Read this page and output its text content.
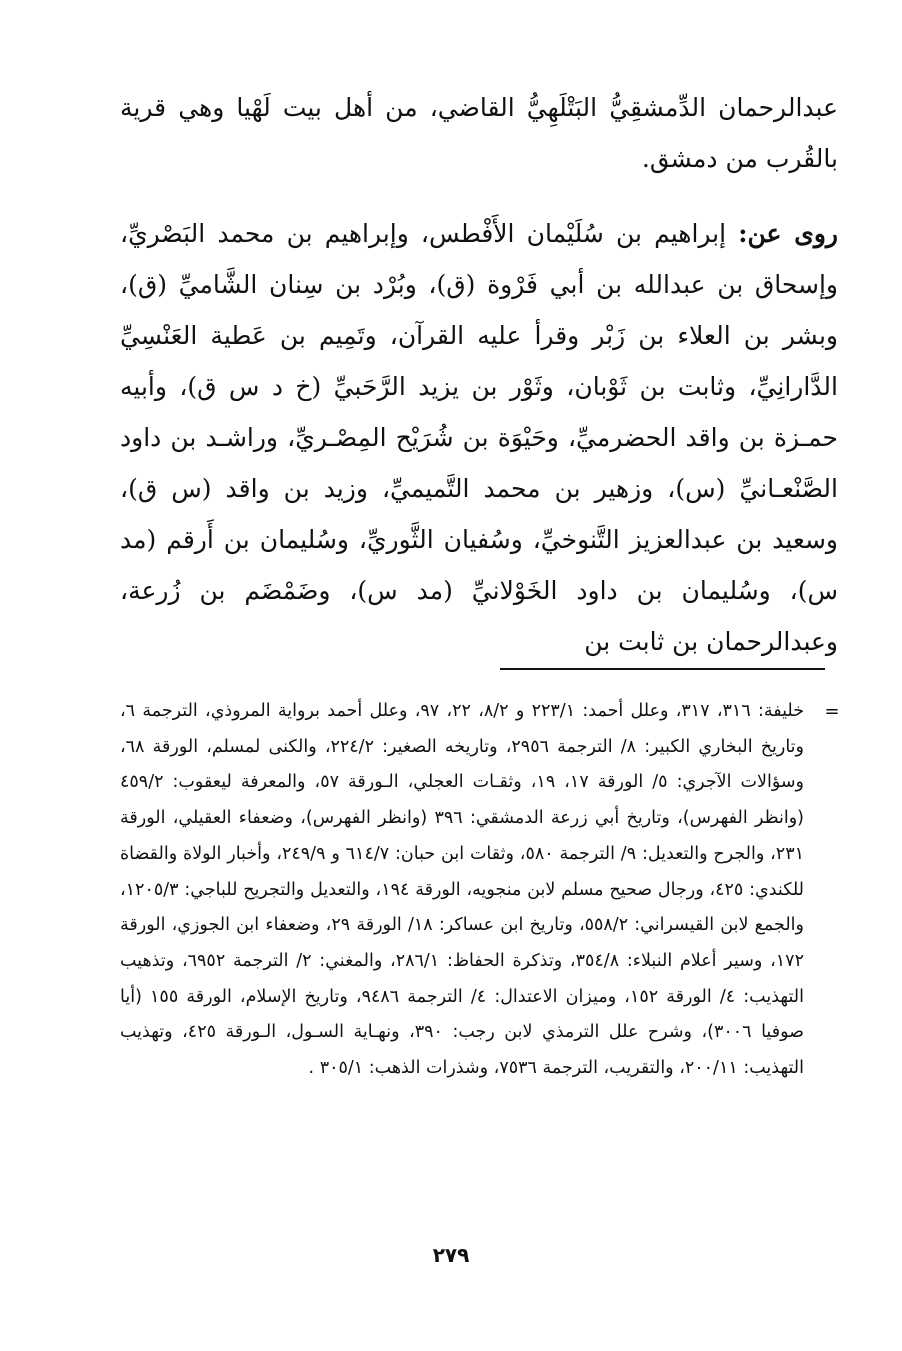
عبدالرحمان الدِّمشقِيُّ البَتْلَهِيُّ القاضي، من أهل بيت لَهْيا وهي قرية بالقُرب من دمشق.

روى عن: إبراهيم بن سُلَيْمان الأَفْطس، وإبراهيم بن محمد البَصْريِّ، وإسحاق بن عبدالله بن أبي فَرْوة (ق)، وبُرْد بن سِنان الشَّاميِّ (ق)، وبشر بن العلاء بن زَبْر وقرأ عليه القرآن، وتَمِيم بن عَطية العَنْسِيِّ الدَّارانِيِّ، وثابت بن ثَوْبان، وثَوْر بن يزيد الرَّحَبيِّ (خ د س ق)، وأبيه حمـزة بن واقد الحضرميِّ، وحَيْوَة بن شُرَيْح المِصْـريِّ، وراشـد بن داود الصَّنْعـانيِّ (س)، وزهير بن محمد التَّميميِّ، وزيد بن واقد (س ق)، وسعيد بن عبدالعزيز التَّنوخيِّ، وسُفيان الثَّوريِّ، وسُليمان بن أَرقم (مد س)، وسُليمان بن داود الخَوْلانيِّ (مد س)، وضَمْضَم بن زُرعة، وعبدالرحمان بن ثابت بن

=
خليفة: ٣١٦، ٣١٧، وعلل أحمد: ٢٢٣/١ و ٨/٢، ٢٢، ٩٧، وعلل أحمد برواية المروذي، الترجمة ٦، وتاريخ البخاري الكبير: ٨/ الترجمة ٢٩٥٦، وتاريخه الصغير: ٢٢٤/٢، والكنى لمسلم، الورقة ٦٨، وسؤالات الآجري: ٥/ الورقة ١٧، ١٩، وثقـات العجلي، الـورقة ٥٧، والمعرفة ليعقوب: ٤٥٩/٢ (وانظر الفهرس)، وتاريخ أبي زرعة الدمشقي: ٣٩٦ (وانظر الفهرس)، وضعفاء العقيلي، الورقة ٢٣١، والجرح والتعديل: ٩/ الترجمة ٥٨٠، وثقات ابن حبان: ٦١٤/٧ و ٢٤٩/٩، وأخبار الولاة والقضاة للكندي: ٤٢٥، ورجال صحيح مسلم لابن منجويه، الورقة ١٩٤، والتعديل والتجريح للباجي: ١٢٠٥/٣، والجمع لابن القيسراني: ٥٥٨/٢، وتاريخ ابن عساكر: ١٨/ الورقة ٢٩، وضعفاء ابن الجوزي، الورقة ١٧٢، وسير أعلام النبلاء: ٣٥٤/٨، وتذكرة الحفاظ: ٢٨٦/١، والمغني: ٢/ الترجمة ٦٩٥٢، وتذهيب التهذيب: ٤/ الورقة ١٥٢، وميزان الاعتدال: ٤/ الترجمة ٩٤٨٦، وتاريخ الإسلام، الورقة ١٥٥ (أيا صوفيا ٣٠٠٦)، وشرح علل الترمذي لابن رجب: ٣٩٠، ونهـاية السـول، الـورقة ٤٢٥، وتهذيب التهذيب: ٢٠٠/١١، والتقريب، الترجمة ٧٥٣٦، وشذرات الذهب: ٣٠٥/١ .
٢٧٩
